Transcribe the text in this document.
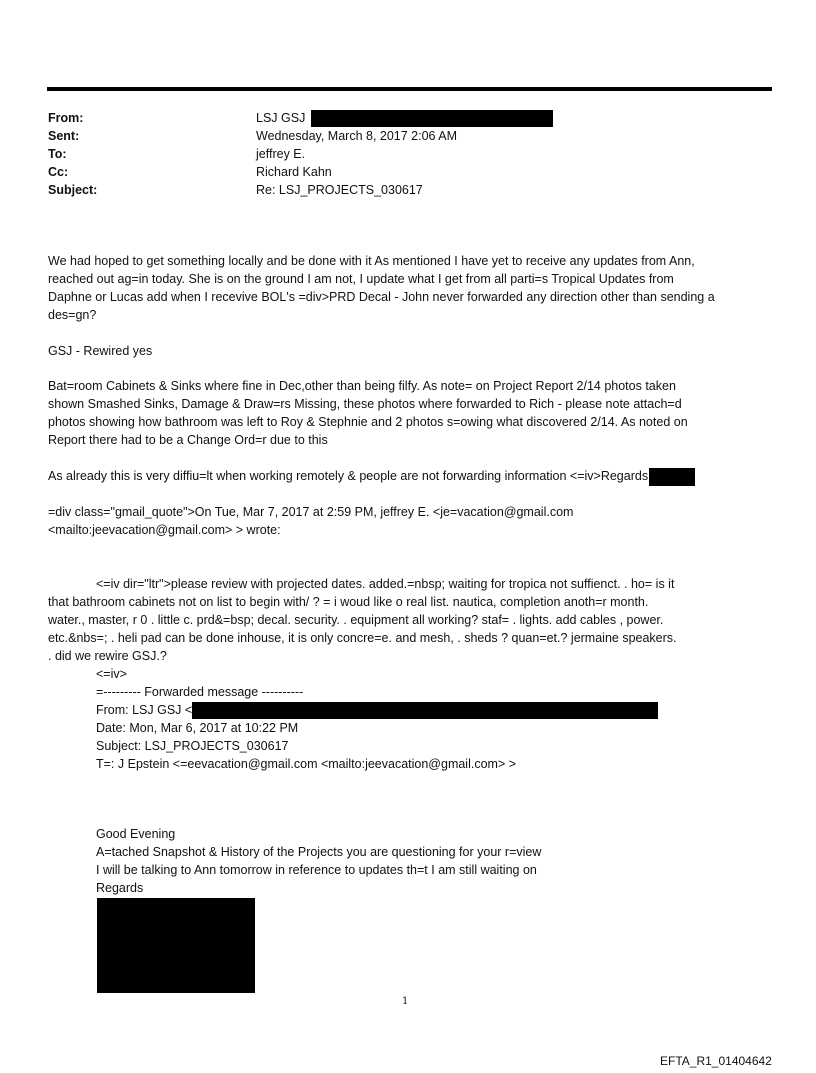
From:	LSJ GSJ
Sent:	Wednesday, March 8, 2017 2:06 AM
To:	jeffrey E.
Cc:	Richard Kahn
Subject:	Re: LSJ_PROJECTS_030617

We had hoped to get something locally and be done with it As mentioned I have yet to receive any updates from Ann,

reached out ag=in today. She is on the ground I am not, I update what I get from all parti=s Tropical Updates from

Daphne or Lucas add when I recevive BOL's =div>PRD Decal - John never forwarded any direction other than sending a

des=gn?

GSJ - Rewired yes

Bat=room Cabinets & Sinks where fine in Dec,other than being filfy. As note= on Project Report 2/14 photos taken

shown Smashed Sinks, Damage & Draw=rs Missing, these photos where forwarded to Rich - please note attach=d

photos showing how bathroom was left to Roy & Stephnie and 2 photos s=owing what discovered 2/14. As noted on

Report there had to be a Change Ord=r due to this

As already this is very diffiu=lt when working remotely & people are not forwarding information <=iv>Regards

=div class="gmail_quote">On Tue, Mar 7, 2017 at 2:59 PM, jeffrey E. <je=vacation@gmail.com

<mailto:jeevacation@gmail.com> > wrote:

<=iv dir="ltr">please review with projected dates. added.=nbsp; waiting for tropica not suffienct. . ho= is it

that bathroom cabinets not on list to begin with/ ? = i woud like o real list. nautica, completion anoth=r month.

water., master, r 0 . little c. prd&=bsp; decal. security. . equipment all working? staf= . lights. add cables , power.

etc.&nbs=; . heli pad can be done inhouse, it is only concre=e. and mesh, . sheds ? quan=et.? jermaine speakers.

. did we rewire GSJ.?

<=iv>

=--------- Forwarded message ----------

From: LSJ GSJ <

Date: Mon, Mar 6, 2017 at 10:22 PM

Subject: LSJ_PROJECTS_030617

T=: J Epstein <=eevacation@gmail.com <mailto:jeevacation@gmail.com> >

Good Evening

A=tached Snapshot & History of the Projects you are questioning for your r=view

I will be talking to Ann tomorrow in reference to updates th=t I am still waiting on

Regards

1
EFTA_R1_01404642
